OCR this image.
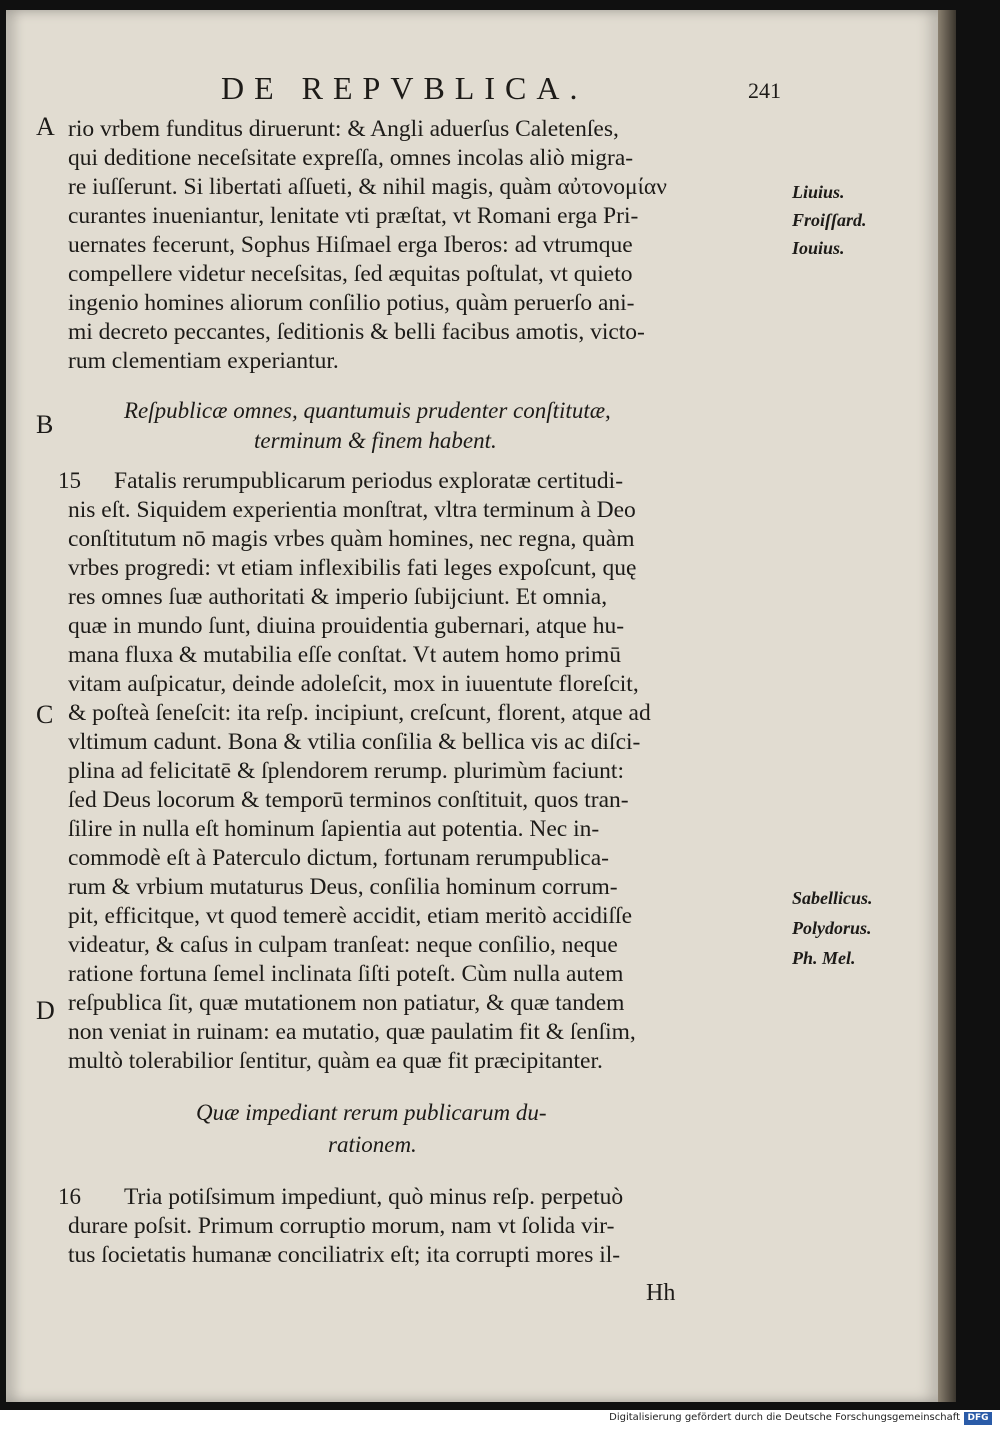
DE REPVBLICA.	241
A rio vrbem funditus diruerunt: & Angli aduerſus Caletenſes,
qui deditione neceſsitate expreſſa, omnes incolas aliò migra-
re iuſſerunt. Si libertati aſſueti, & nihil magis, quàm αὐτονομίαν
curantes inueniantur, lenitate vti præſtat, vt Romani erga Pri-
uernates fecerunt, Sophus Hiſmael erga Iberos: ad vtrumque
compellere videtur neceſsitas, ſed æquitas poſtulat, vt quieto
ingenio homines aliorum conſilio potius, quàm peruerſo ani-
mi decreto peccantes, ſeditionis & belli facibus amotis, victo-
rum clementiam experiantur.
Liuius.
Froiſſard.
Iouius.
B	Reſpublicæ omnes, quantumuis prudenter conſtitutæ,
terminum & finem habent.
15 Fatalis rerumpublicarum periodus exploratæ certitudi-
nis eſt. Siquidem experientia monſtrat, vltra terminum à Deo
conſtitutum nō magis vrbes quàm homines, nec regna, quàm
vrbes progredi: vt etiam inflexibilis fati leges expoſcunt, quę
res omnes ſuæ authoritati & imperio ſubijciunt. Et omnia,
quæ in mundo ſunt, diuina prouidentia gubernari, atque hu-
mana fluxa & mutabilia eſſe conſtat. Vt autem homo primū
vitam auſpicatur, deinde adoleſcit, mox in iuuentute floreſcit,
C & poſteà ſeneſcit: ita reſp. incipiunt, creſcunt, florent, atque ad
vltimum cadunt. Bona & vtilia conſilia & bellica vis ac diſci-
plina ad felicitatē & ſplendorem rerump. plurimùm faciunt:
ſed Deus locorum & temporū terminos conſtituit, quos tran-
ſilire in nulla eſt hominum ſapientia aut potentia. Nec in-
commodè eſt à Paterculo dictum, fortunam rerumpublica-
rum & vrbium mutaturus Deus, conſilia hominum corrum-
pit, efficitque, vt quod temerè accidit, etiam meritò accidiſſe
videatur, & caſus in culpam tranſeat: neque conſilio, neque
ratione fortuna ſemel inclinata ſiſti poteſt. Cùm nulla autem
D reſpublica ſit, quæ mutationem non patiatur, & quæ tandem
non veniat in ruinam: ea mutatio, quæ paulatim fit & ſenſim,
multò tolerabilior ſentitur, quàm ea quæ fit præcipitanter.
Sabellicus.
Polydorus.
Ph. Mel.
Quæ impediant rerum publicarum du-
rationem.
16 Tria potiſsimum impediunt, quò minus reſp. perpetuò
durare poſsit. Primum corruptio morum, nam vt ſolida vir-
tus ſocietatis humanæ conciliatrix eſt; ita corrupti mores il-
Hh
Digitalisierung gefördert durch die Deutsche Forschungsgemeinschaft DFG
